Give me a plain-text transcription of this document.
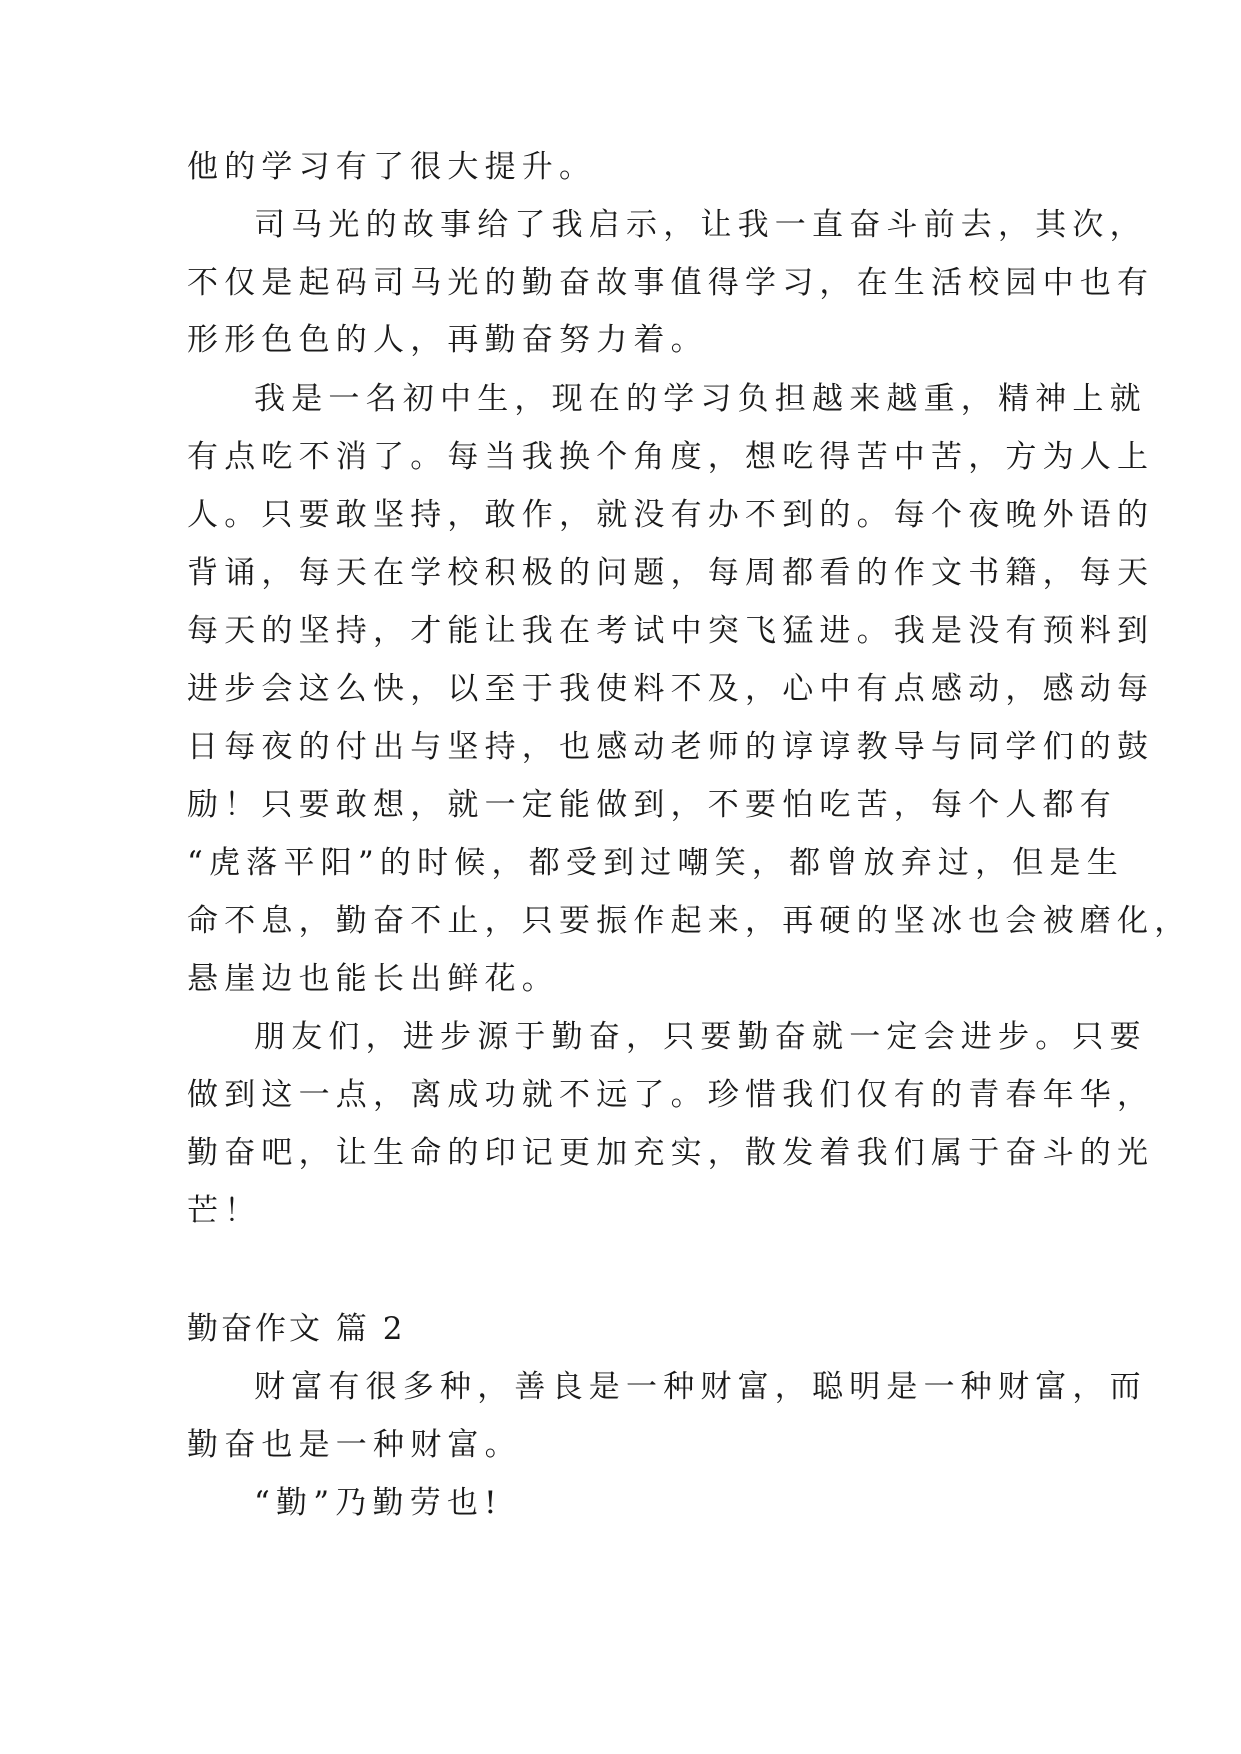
他的学习有了很大提升。
司马光的故事给了我启示，让我一直奋斗前去，其次，
不仅是起码司马光的勤奋故事值得学习，在生活校园中也有
形形色色的人，再勤奋努力着。
我是一名初中生，现在的学习负担越来越重，精神上就
有点吃不消了。每当我换个角度，想吃得苦中苦，方为人上
人。只要敢坚持，敢作，就没有办不到的。每个夜晚外语的
背诵，每天在学校积极的问题，每周都看的作文书籍，每天
每天的坚持，才能让我在考试中突飞猛进。我是没有预料到
进步会这么快，以至于我使料不及，心中有点感动，感动每
日每夜的付出与坚持，也感动老师的谆谆教导与同学们的鼓
励！只要敢想，就一定能做到，不要怕吃苦，每个人都有
“虎落平阳”的时候，都受到过嘲笑，都曾放弃过，但是生
命不息，勤奋不止，只要振作起来，再硬的坚冰也会被磨化，
悬崖边也能长出鲜花。
朋友们，进步源于勤奋，只要勤奋就一定会进步。只要
做到这一点，离成功就不远了。珍惜我们仅有的青春年华，
勤奋吧，让生命的印记更加充实，散发着我们属于奋斗的光
芒！
勤奋作文 篇 2
财富有很多种，善良是一种财富，聪明是一种财富，而
勤奋也是一种财富。
“勤”乃勤劳也!
